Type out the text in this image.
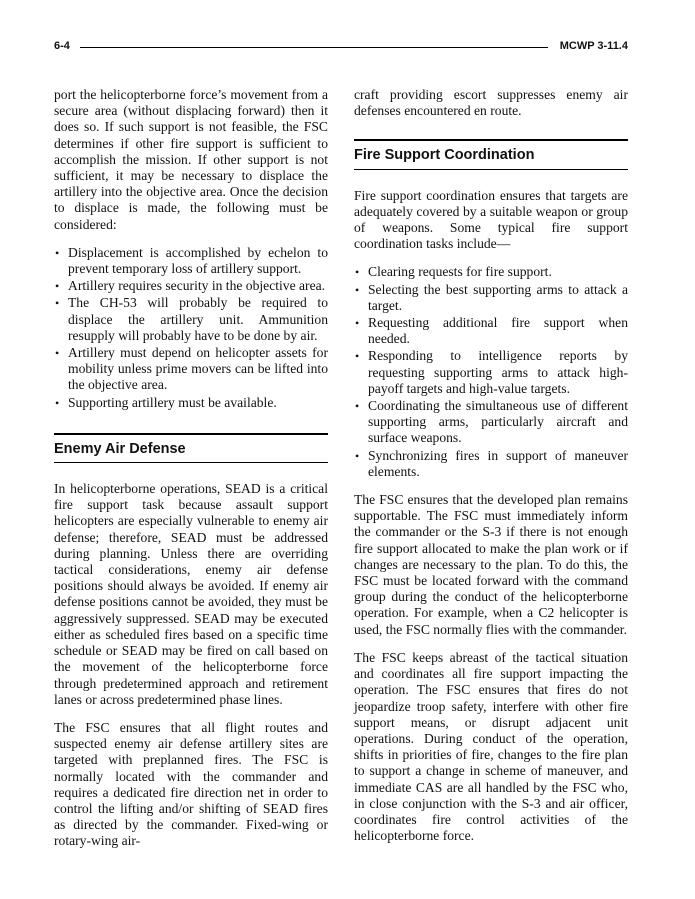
6-4	MCWP 3-11.4

port the helicopterborne force’s movement from a secure area (without displacing forward) then it does so. If such support is not feasible, the FSC determines if other fire support is sufficient to accomplish the mission. If other support is not sufficient, it may be necessary to displace the artillery into the objective area. Once the decision to displace is made, the following must be considered:

• Displacement is accomplished by echelon to prevent temporary loss of artillery support.
• Artillery requires security in the objective area.
• The CH-53 will probably be required to displace the artillery unit. Ammunition resupply will probably have to be done by air.
• Artillery must depend on helicopter assets for mobility unless prime movers can be lifted into the objective area.
• Supporting artillery must be available.
Enemy Air Defense

In helicopterborne operations, SEAD is a critical fire support task because assault support helicopters are especially vulnerable to enemy air defense; therefore, SEAD must be addressed during planning. Unless there are overriding tactical considerations, enemy air defense positions should always be avoided. If enemy air defense positions cannot be avoided, they must be aggressively suppressed. SEAD may be executed either as scheduled fires based on a specific time schedule or SEAD may be fired on call based on the movement of the helicopterborne force through predetermined approach and retirement lanes or across predetermined phase lines.

The FSC ensures that all flight routes and suspected enemy air defense artillery sites are targeted with preplanned fires. The FSC is normally located with the commander and requires a dedicated fire direction net in order to control the lifting and/or shifting of SEAD fires as directed by the commander. Fixed-wing or rotary-wing air-

craft providing escort suppresses enemy air defenses encountered en route.

Fire Support Coordination

Fire support coordination ensures that targets are adequately covered by a suitable weapon or group of weapons. Some typical fire support coordination tasks include—

• Clearing requests for fire support.
• Selecting the best supporting arms to attack a target.
• Requesting additional fire support when needed.
• Responding to intelligence reports by requesting supporting arms to attack high-payoff targets and high-value targets.
• Coordinating the simultaneous use of different supporting arms, particularly aircraft and surface weapons.
• Synchronizing fires in support of maneuver elements.

The FSC ensures that the developed plan remains supportable. The FSC must immediately inform the commander or the S-3 if there is not enough fire support allocated to make the plan work or if changes are necessary to the plan. To do this, the FSC must be located forward with the command group during the conduct of the helicopterborne operation. For example, when a C2 helicopter is used, the FSC normally flies with the commander.

The FSC keeps abreast of the tactical situation and coordinates all fire support impacting the operation. The FSC ensures that fires do not jeopardize troop safety, interfere with other fire support means, or disrupt adjacent unit operations. During conduct of the operation, shifts in priorities of fire, changes to the fire plan to support a change in scheme of maneuver, and immediate CAS are all handled by the FSC who, in close conjunction with the S-3 and air officer, coordinates fire control activities of the helicopterborne force.
